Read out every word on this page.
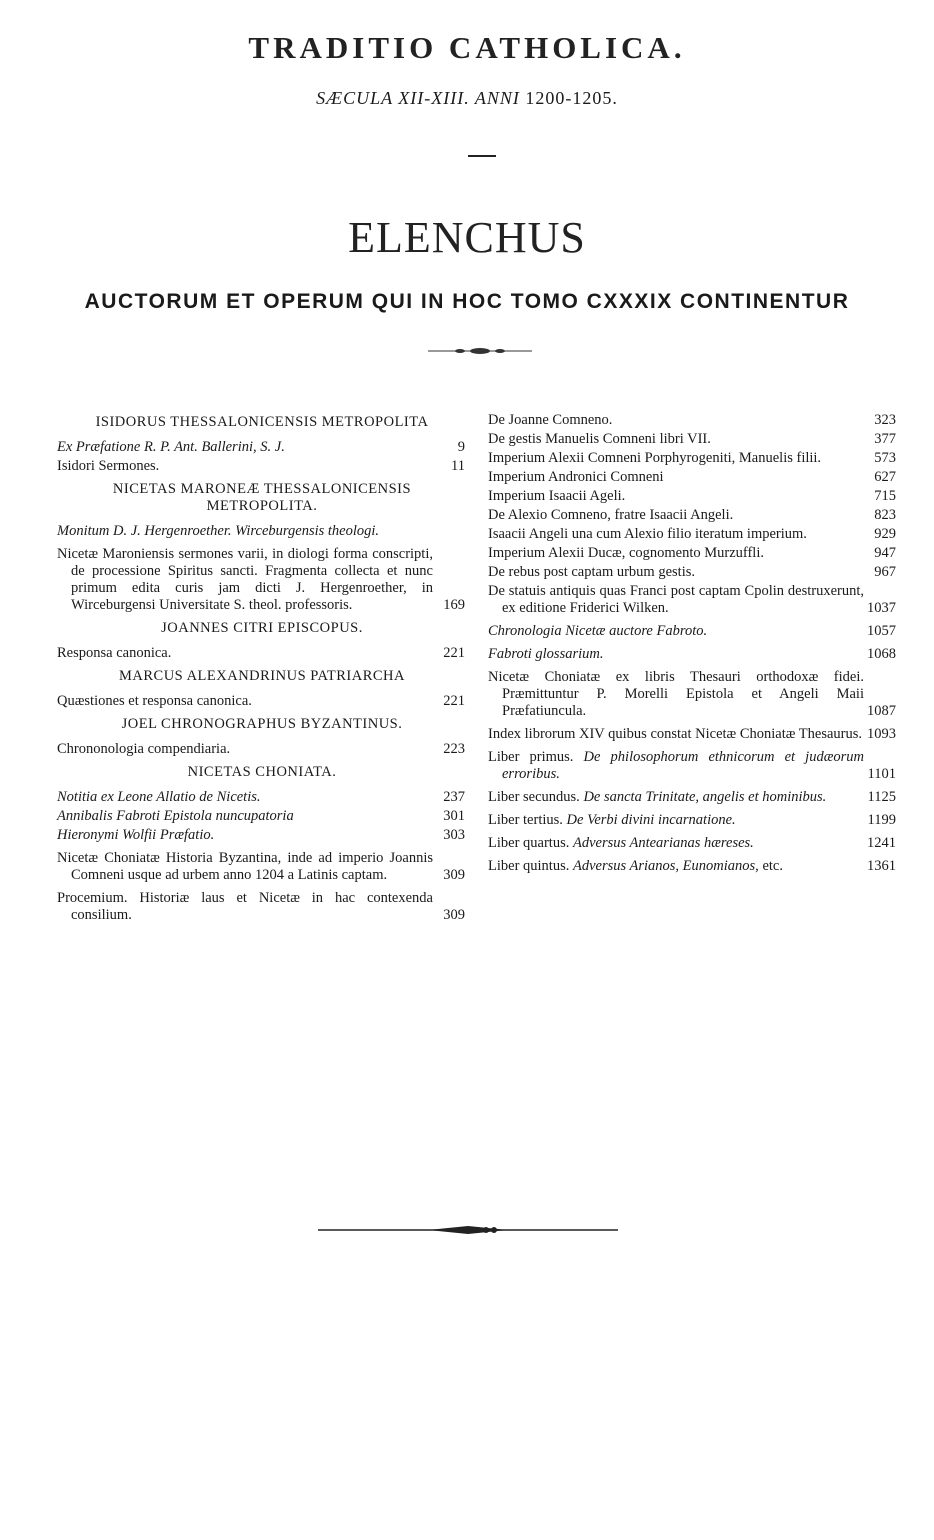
TRADITIO CATHOLICA.
SÆCULA XII-XIII. ANNI 1200-1205.
ELENCHUS
AUCTORUM ET OPERUM QUI IN HOC TOMO CXXXIX CONTINENTUR
ISIDORUS THESSALONICENSIS METROPOLITA
Ex Præfatione R. P. Ant. Ballerini, S. J.	9
Isidori Sermones.	11
NICETAS MARONEÆ THESSALONICENSIS METROPOLITA.
Monitum D. J. Hergenroether. Wirceburgensis theologi.
Nicetæ Maroniensis sermones varii, in diologi forma conscripti, de processione Spiritus sancti. Fragmenta collecta et nunc primum edita curis jam dicti J. Hergenroether, in Wirceburgensi Universitate S. theol. professoris.	169
JOANNES CITRI EPISCOPUS.
Responsa canonica.	221
MARCUS ALEXANDRINUS PATRIARCHA
Quæstiones et responsa canonica.	221
JOEL CHRONOGRAPHUS BYZANTINUS.
Chrononologia compendiaria.	223
NICETAS CHONIATA.
Notitia ex Leone Allatio de Nicetis.	237
Annibalis Fabroti Epistola nuncupatoria	301
Hieronymi Wolfii Præfatio.	303
Nicetæ Choniatæ Historia Byzantina, inde ad imperio Joannis Comneni usque ad urbem anno 1204 a Latinis captam.	309
Procemium. Historiæ laus et Nicetæ in hac contexenda consilium.	309
De Joanne Comneno.	323
De gestis Manuelis Comneni libri VII.	377
Imperium Alexii Comneni Porphyrogeniti, Manuelis filii.	573
Imperium Andronici Comneni	627
Imperium Isaacii Ageli.	715
De Alexio Comneno, fratre Isaacii Angeli.	823
Isaacii Angeli una cum Alexio filio iteratum imperium.	929
Imperium Alexii Ducæ, cognomento Murzuffli.	947
De rebus post captam urbum gestis.	967
De statuis antiquis quas Franci post captam Cpolin destruxerunt, ex editione Friderici Wilken.	1037
Chronologia Nicetæ auctore Fabroto.	1057
Fabroti glossarium.	1068
Nicetæ Choniatæ ex libris Thesauri orthodoxæ fidei. Præmittuntur P. Morelli Epistola et Angeli Maii Præfatiuncula.	1087
Index librorum XIV quibus constat Nicetæ Choniatæ Thesaurus. 1093
Liber primus. De philosophorum ethnicorum et judæorum erroribus.	1101
Liber secundus. De sancta Trinitate, angelis et hominibus.	1125
Liber tertius. De Verbi divini incarnatione.	1199
Liber quartus. Adversus Antearianas hæreses.	1241
Liber quintus. Adversus Arianos, Eunomianos, etc.	1361
